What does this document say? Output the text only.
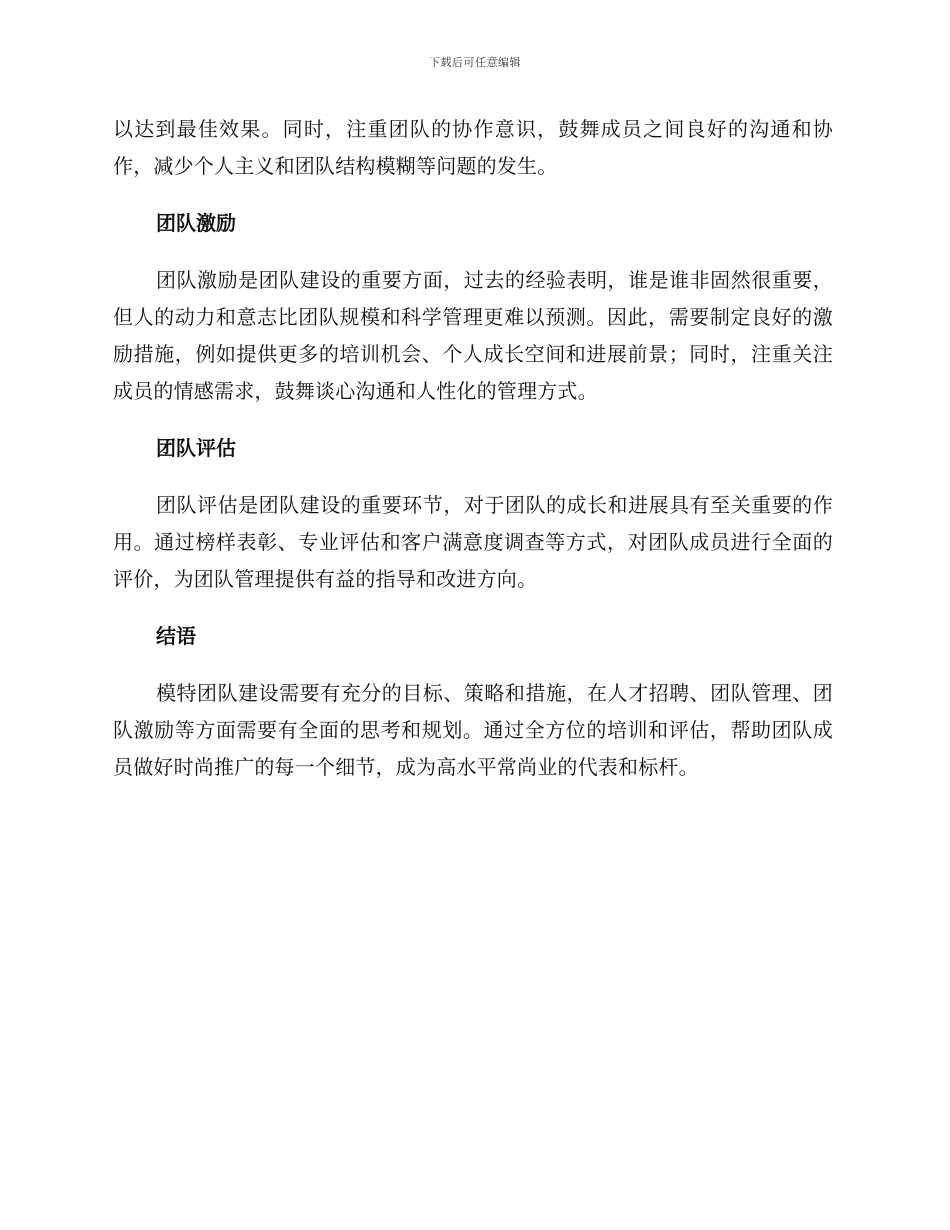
下载后可任意编辑

以达到最佳效果。同时，注重团队的协作意识，鼓舞成员之间良好的沟通和协作，减少个人主义和团队结构模糊等问题的发生。

团队激励

团队激励是团队建设的重要方面，过去的经验表明，谁是谁非固然很重要，但人的动力和意志比团队规模和科学管理更难以预测。因此，需要制定良好的激励措施，例如提供更多的培训机会、个人成长空间和进展前景；同时，注重关注成员的情感需求，鼓舞谈心沟通和人性化的管理方式。

团队评估

团队评估是团队建设的重要环节，对于团队的成长和进展具有至关重要的作用。通过榜样表彰、专业评估和客户满意度调查等方式，对团队成员进行全面的评价，为团队管理提供有益的指导和改进方向。

结语

模特团队建设需要有充分的目标、策略和措施，在人才招聘、团队管理、团队激励等方面需要有全面的思考和规划。通过全方位的培训和评估，帮助团队成员做好时尚推广的每一个细节，成为高水平常尚业的代表和标杆。
